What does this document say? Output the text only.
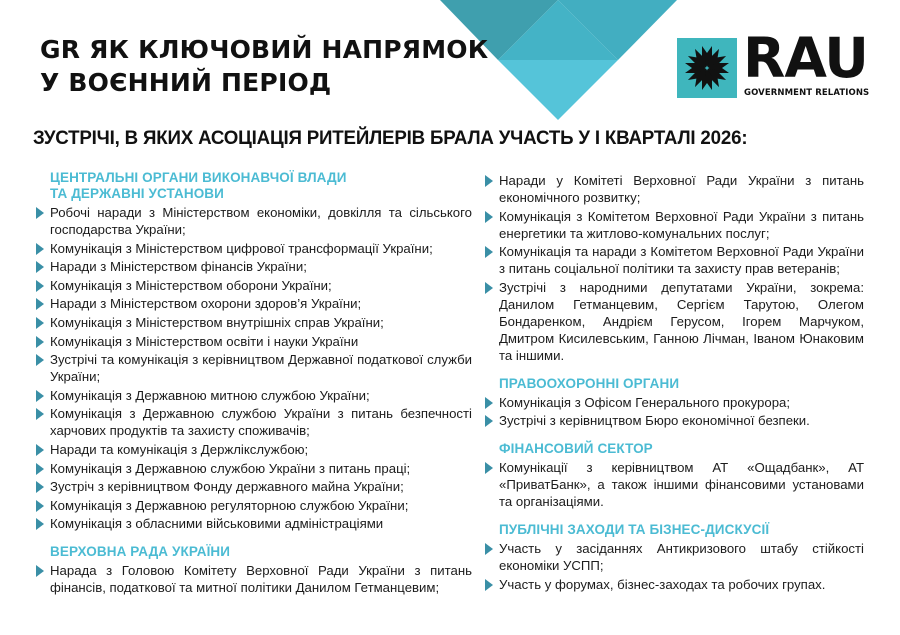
GR ЯК КЛЮЧОВИЙ НАПРЯМОК
У ВОЄННИЙ ПЕРІОД	RAU
GOVERNMENT RELATIONS
ЗУСТРІЧІ, В ЯКИХ АСОЦІАЦІЯ РИТЕЙЛЕРІВ БРАЛА УЧАСТЬ У І КВАРТАЛІ 2026:
ЦЕНТРАЛЬНІ ОРГАНИ ВИКОНАВЧОЇ ВЛАДИ ТА ДЕРЖАВНІ УСТАНОВИ
Робочі наради з Міністерством економіки, довкілля та сільського господарства України;
Комунікація з Міністерством цифрової трансформації України;
Наради з Міністерством фінансів України;
Комунікація з Міністерством оборони України;
Наради з Міністерством охорони здоров’я України;
Комунікація з Міністерством внутрішніх справ України;
Комунікація з Міністерством освіти і науки України
Зустрічі та комунікація з керівництвом Державної податкової служби України;
Комунікація з Державною митною службою України;
Комунікація з Державною службою України з питань безпечності харчових продуктів та захисту споживачів;
Наради та комунікація з Держлікслужбою;
Комунікація з Державною службою України з питань праці;
Зустріч з керівництвом Фонду державного майна України;
Комунікація з Державною регуляторною службою України;
Комунікація з обласними військовими адміністраціями
ВЕРХОВНА РАДА УКРАЇНИ
Нарада з Головою Комітету Верховної Ради України з питань фінансів, податкової та митної політики Данилом Гетманцевим;
Наради у Комітеті Верховної Ради України з питань економічного розвитку;
Комунікація з Комітетом Верховної Ради України з питань енергетики та житлово-комунальних послуг;
Комунікація та наради з Комітетом Верховної Ради України з питань соціальної політики та захисту прав ветеранів;
Зустрічі з народними депутатами України, зокрема: Данилом Гетманцевим, Сергієм Тарутою, Олегом Бондаренком, Андрієм Герусом, Ігорем Марчуком, Дмитром Кисилевським, Ганною Лічман, Іваном Юнаковим та іншими.
ПРАВООХОРОННІ ОРГАНИ
Комунікація з Офісом Генерального прокурора;
Зустрічі з керівництвом Бюро економічної безпеки.
ФІНАНСОВИЙ СЕКТОР
Комунікації з керівництвом АТ «Ощадбанк», АТ «ПриватБанк», а також іншими фінансовими установами та організаціями.
ПУБЛІЧНІ ЗАХОДИ ТА БІЗНЕС-ДИСКУСІЇ
Участь у засіданнях Антикризового штабу стійкості економіки УСПП;
Участь у форумах, бізнес-заходах та робочих групах.
